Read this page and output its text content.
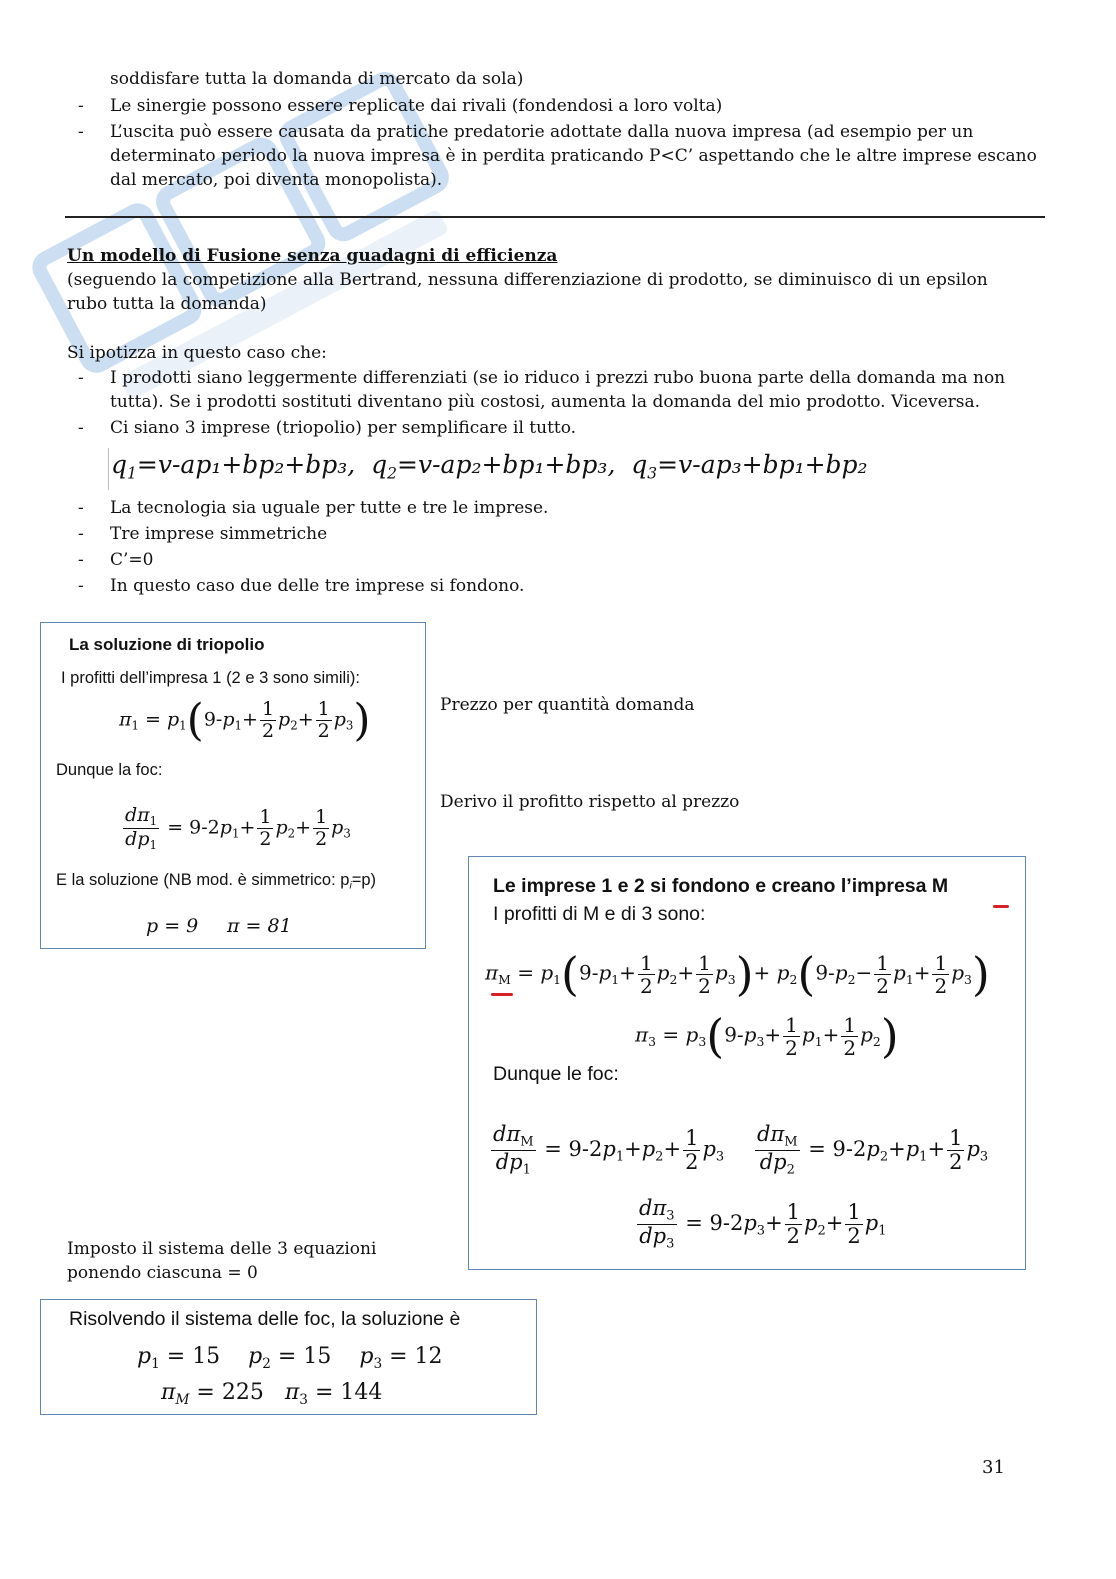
soddisfare tutta la domanda di mercato da sola)
- Le sinergie possono essere replicate dai rivali (fondendosi a loro volta)
- L’uscita può essere causata da pratiche predatorie adottate dalla nuova impresa (ad esempio per un
determinato periodo la nuova impresa è in perdita praticando P<C’ aspettando che le altre imprese escano
dal mercato, poi diventa monopolista).
Un modello di Fusione senza guadagni di efficienza
(seguendo la competizione alla Bertrand, nessuna differenziazione di prodotto, se diminuisco di un epsilon
rubo tutta la domanda)
Si ipotizza in questo caso che:
- I prodotti siano leggermente differenziati (se io riduco i prezzi rubo buona parte della domanda ma non
tutta). Se i prodotti sostituti diventano più costosi, aumenta la domanda del mio prodotto. Viceversa.
- Ci siano 3 imprese (triopolio) per semplificare il tutto.
$q_1=v-ap_1+bp_2+bp_3$,  $q_2=v-ap_2+bp_1+bp_3$,  $q_3=v-ap_3+bp_1+bp_2$
- La tecnologia sia uguale per tutte e tre le imprese.
- Tre imprese simmetriche
- C’=0
- In questo caso due delle tre imprese si fondono.
La soluzione di triopolio
I profitti dell’impresa 1 (2 e 3 sono simili):
$\pi_1 = p_1(9-p_1+ \frac{1}{2} p_2+ \frac{1}{2} p_3)$
Dunque la foc:
$\frac{d\pi_1}{dp_1} = 9-2p_1+ \frac{1}{2} p_2+ \frac{1}{2} p_3$
E la soluzione (NB mod. è simmetrico: $p_i=p$)
p = 9 π = 81
Prezzo per quantità domanda
Derivo il profitto rispetto al prezzo
Le imprese 1 e 2 si fondono e creano l’impresa M
I profitti di M e di 3 sono:
$\pi_M = p_1(9-p_1+ \frac{1}{2} p_2+ \frac{1}{2} p_3)+ p_2(9-p_2- \frac{1}{2} p_1+ \frac{1}{2} p_3)$
$\pi_3 = p_3(9-p_3+ \frac{1}{2} p_1+ \frac{1}{2} p_2)$
Dunque le foc:
$\frac{d\pi_M}{dp_1} = 9-2p_1+p_2+ \frac{1}{2} p_3 \frac{d\pi_M}{dp_2} = 9-2p_2+p_1+ \frac{1}{2} p_3$
$\frac{d\pi_3}{dp_3} = 9-2p_3+ \frac{1}{2} p_2+ \frac{1}{2} p_1$
Imposto il sistema delle 3 equazioni
ponendo ciascuna = 0
Risolvendo il sistema delle foc, la soluzione è
$p_1 = 15$ $p_2 = 15$ $p_3 = 12$
$\pi_M = 225$   $\pi_3 = 144$
31
